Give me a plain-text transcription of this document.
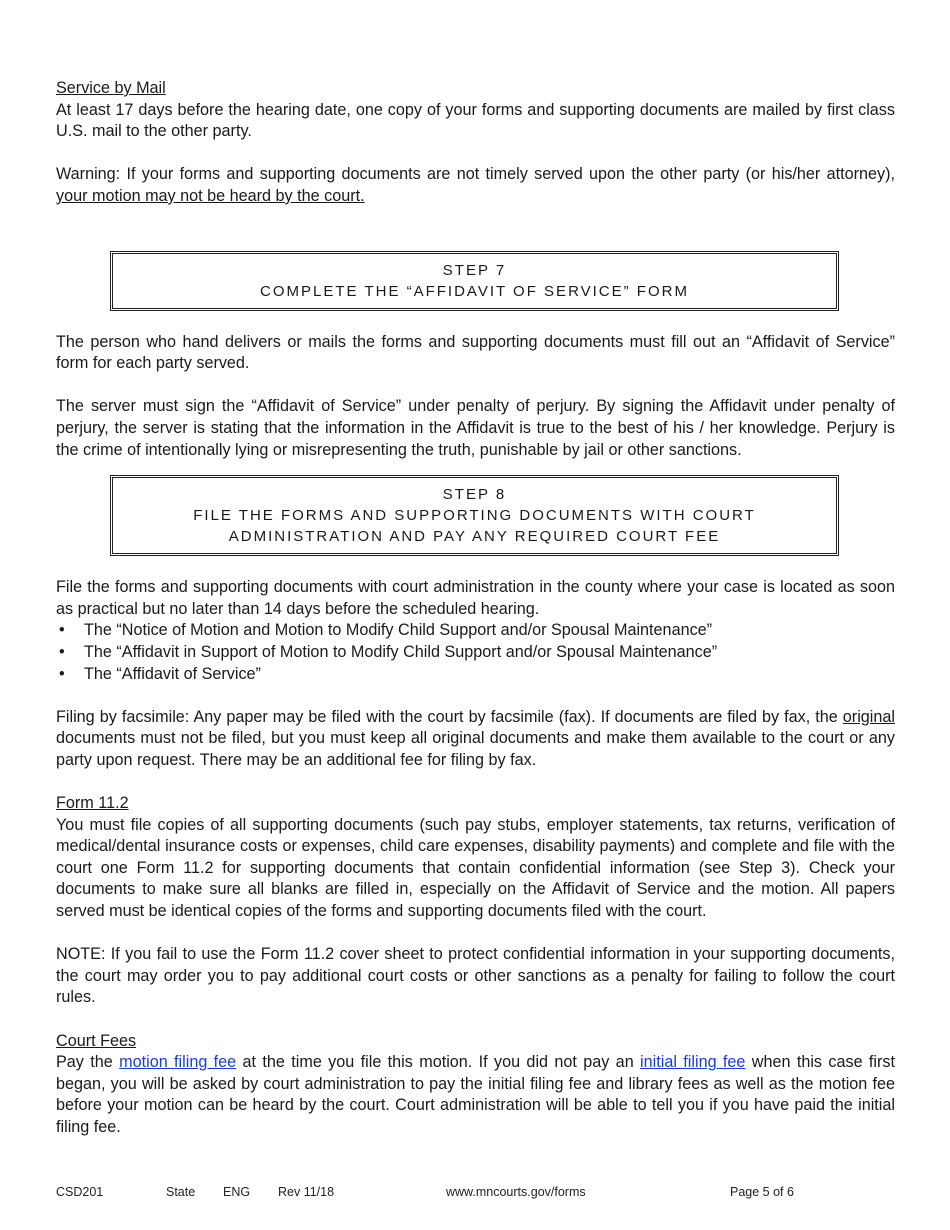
Service by Mail
At least 17 days before the hearing date, one copy of your forms and supporting documents are mailed by first class U.S. mail to the other party.

Warning: If your forms and supporting documents are not timely served upon the other party (or his/her attorney), your motion may not be heard by the court.

STEP 7
COMPLETE THE “AFFIDAVIT OF SERVICE” FORM

The person who hand delivers or mails the forms and supporting documents must fill out an “Affidavit of Service” form for each party served.

The server must sign the “Affidavit of Service” under penalty of perjury. By signing the Affidavit under penalty of perjury, the server is stating that the information in the Affidavit is true to the best of his / her knowledge. Perjury is the crime of intentionally lying or misrepresenting the truth, punishable by jail or other sanctions.

STEP 8
FILE THE FORMS AND SUPPORTING DOCUMENTS WITH COURT
ADMINISTRATION AND PAY ANY REQUIRED COURT FEE

File the forms and supporting documents with court administration in the county where your case is located as soon as practical but no later than 14 days before the scheduled hearing.

• The “Notice of Motion and Motion to Modify Child Support and/or Spousal Maintenance”
• The “Affidavit in Support of Motion to Modify Child Support and/or Spousal Maintenance”
• The “Affidavit of Service”

Filing by facsimile: Any paper may be filed with the court by facsimile (fax). If documents are filed by fax, the original documents must not be filed, but you must keep all original documents and make them available to the court or any party upon request. There may be an additional fee for filing by fax.

Form 11.2
You must file copies of all supporting documents (such pay stubs, employer statements, tax returns, verification of medical/dental insurance costs or expenses, child care expenses, disability payments) and complete and file with the court one Form 11.2 for supporting documents that contain confidential information (see Step 3). Check your documents to make sure all blanks are filled in, especially on the Affidavit of Service and the motion. All papers served must be identical copies of the forms and supporting documents filed with the court.

NOTE: If you fail to use the Form 11.2 cover sheet to protect confidential information in your supporting documents, the court may order you to pay additional court costs or other sanctions as a penalty for failing to follow the court rules.

Court Fees
Pay the motion filing fee at the time you file this motion. If you did not pay an initial filing fee when this case first began, you will be asked by court administration to pay the initial filing fee and library fees as well as the motion fee before your motion can be heard by the court. Court administration will be able to tell you if you have paid the initial filing fee.

CSD201	State ENG Rev 11/18	www.mncourts.gov/forms	Page 5 of 6
